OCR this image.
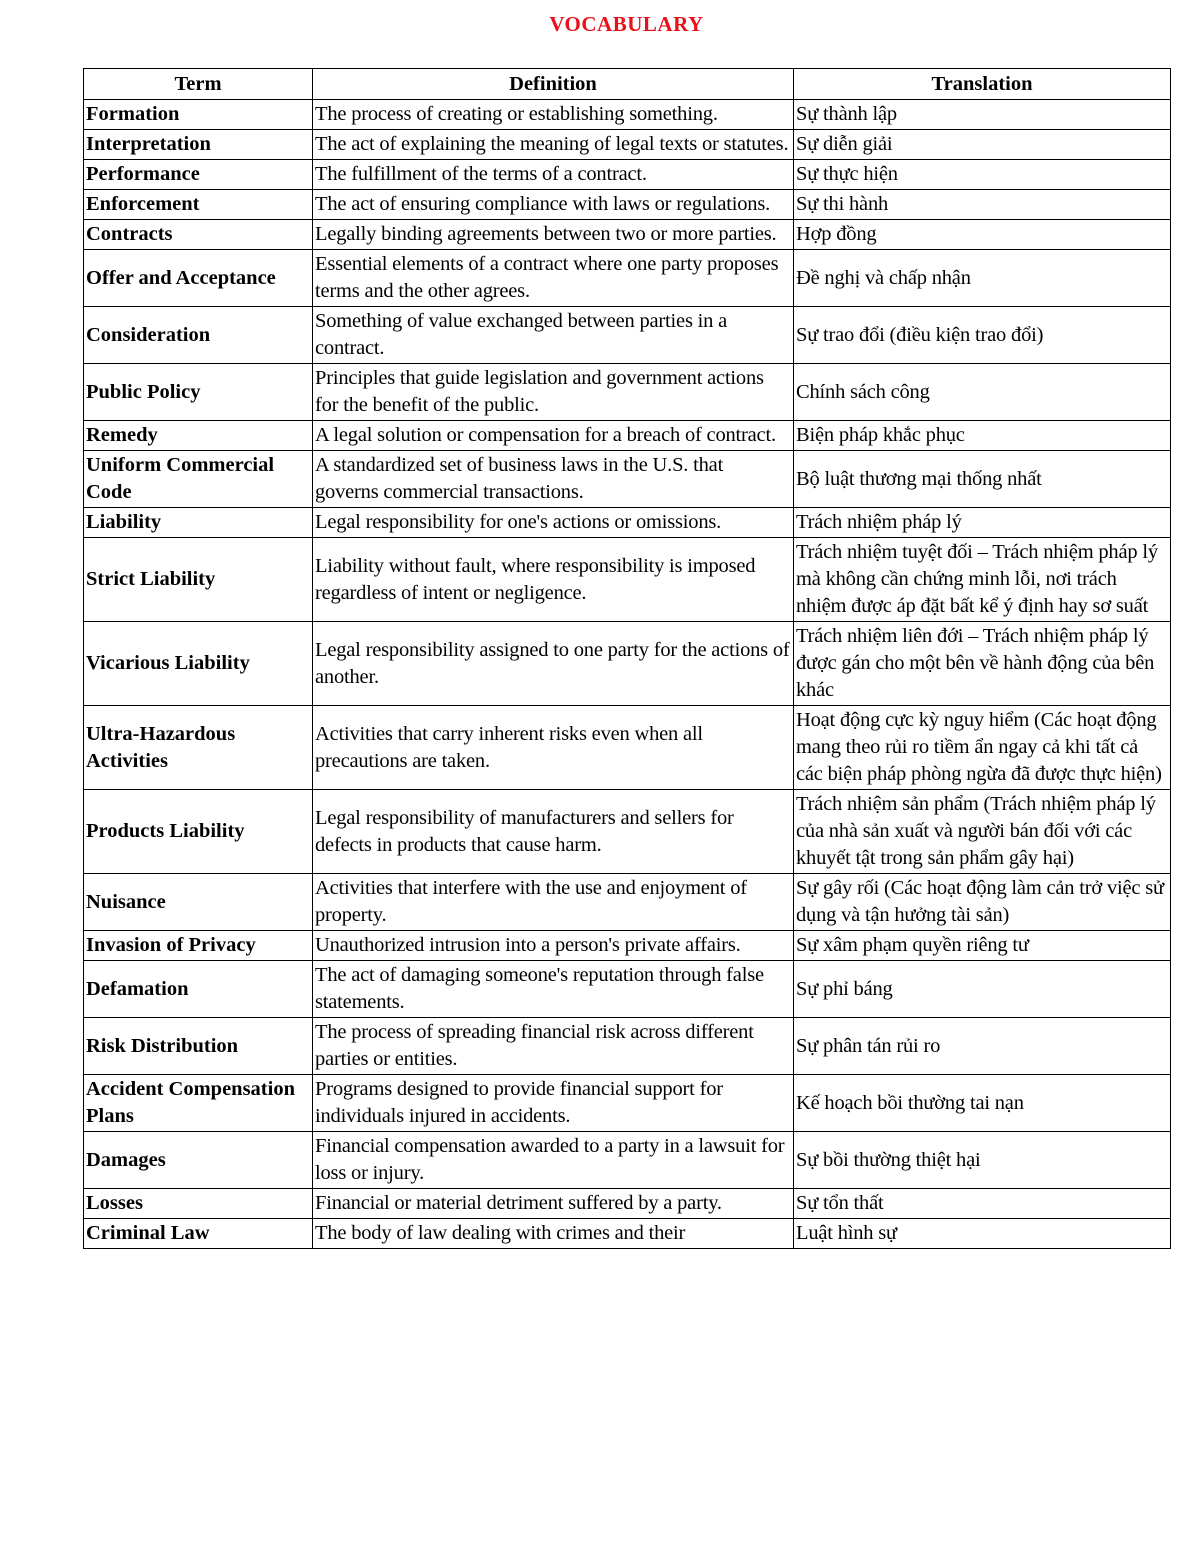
VOCABULARY
Term	Definition	Translation
Formation	The process of creating or establishing something.	Sự thành lập
Interpretation	The act of explaining the meaning of legal texts or statutes.	Sự diễn giải
Performance	The fulfillment of the terms of a contract.	Sự thực hiện
Enforcement	The act of ensuring compliance with laws or regulations.	Sự thi hành
Contracts	Legally binding agreements between two or more parties.	Hợp đồng
Offer and Acceptance	Essential elements of a contract where one party proposes terms and the other agrees.	Đề nghị và chấp nhận
Consideration	Something of value exchanged between parties in a contract.	Sự trao đổi (điều kiện trao đổi)
Public Policy	Principles that guide legislation and government actions for the benefit of the public.	Chính sách công
Remedy	A legal solution or compensation for a breach of contract.	Biện pháp khắc phục
Uniform Commercial Code	A standardized set of business laws in the U.S. that governs commercial transactions.	Bộ luật thương mại thống nhất
Liability	Legal responsibility for one's actions or omissions.	Trách nhiệm pháp lý
Strict Liability	Liability without fault, where responsibility is imposed regardless of intent or negligence.	Trách nhiệm tuyệt đối – Trách nhiệm pháp lý mà không cần chứng minh lỗi, nơi trách nhiệm được áp đặt bất kể ý định hay sơ suất
Vicarious Liability	Legal responsibility assigned to one party for the actions of another.	Trách nhiệm liên đới – Trách nhiệm pháp lý được gán cho một bên về hành động của bên khác
Ultra-Hazardous Activities	Activities that carry inherent risks even when all precautions are taken.	Hoạt động cực kỳ nguy hiểm (Các hoạt động mang theo rủi ro tiềm ẩn ngay cả khi tất cả các biện pháp phòng ngừa đã được thực hiện)
Products Liability	Legal responsibility of manufacturers and sellers for defects in products that cause harm.	Trách nhiệm sản phẩm (Trách nhiệm pháp lý của nhà sản xuất và người bán đối với các khuyết tật trong sản phẩm gây hại)
Nuisance	Activities that interfere with the use and enjoyment of property.	Sự gây rối (Các hoạt động làm cản trở việc sử dụng và tận hưởng tài sản)
Invasion of Privacy	Unauthorized intrusion into a person's private affairs.	Sự xâm phạm quyền riêng tư
Defamation	The act of damaging someone's reputation through false statements.	Sự phỉ báng
Risk Distribution	The process of spreading financial risk across different parties or entities.	Sự phân tán rủi ro
Accident Compensation Plans	Programs designed to provide financial support for individuals injured in accidents.	Kế hoạch bồi thường tai nạn
Damages	Financial compensation awarded to a party in a lawsuit for loss or injury.	Sự bồi thường thiệt hại
Losses	Financial or material detriment suffered by a party.	Sự tổn thất
Criminal Law	The body of law dealing with crimes and their	Luật hình sự
